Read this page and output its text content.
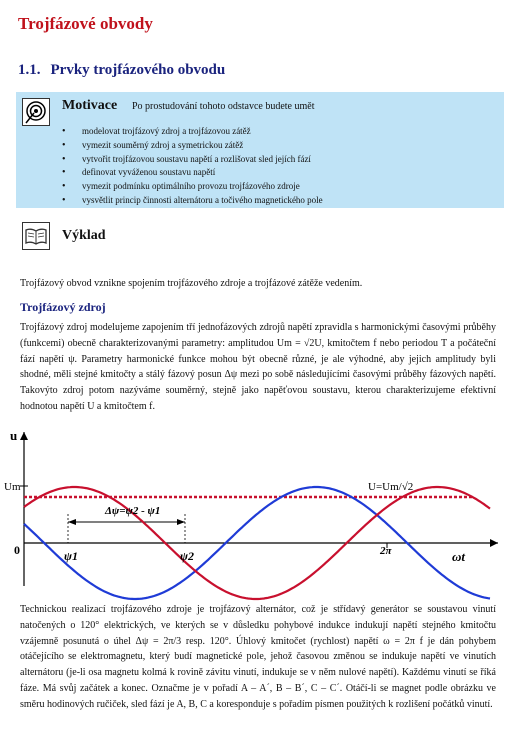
Trojfázové obvody
1.1. Prvky trojfázového obvodu
Motivace Po prostudování tohoto odstavce budete umět
• modelovat trojfázový zdroj a trojfázovou zátěž
• vymezit souměrný zdroj a symetrickou zátěž
• vytvořit trojfázovou soustavu napětí a rozlišovat sled jejích fází
• definovat vyváženou soustavu napětí
• vymezit podmínku optimálního provozu trojfázového zdroje
• vysvětlit princip činnosti alternátoru a točivého magnetického pole
Výklad
Trojfázový obvod vznikne spojením trojfázového zdroje a trojfázové zátěže vedením.
Trojfázový zdroj
Trojfázový zdroj modelujeme zapojením tří jednofázových zdrojů napětí zpravidla s harmonickými časovými průběhy (funkcemi) obecně charakterizovanými parametry: amplitudou Um = √2U, kmitočtem f nebo periodou T a počáteční fází napětí ψ. Parametry harmonické funkce mohou být obecně různé, je ale výhodné, aby jejich amplitudy byli shodné, měli stejné kmitočty a stálý fázový posun Δψ mezi po sobě následujícími časovými průběhy fázových napětí. Takovýto zdroj potom nazýváme souměrný, stejně jako napěťovou soustavu, kterou charakterizujeme efektivní hodnotou napětí U a kmitočtem f.
u
Um
0	ψ1	ψ2	2π	ωt
Δψ=ψ2 - ψ1
U=Um/√2
Technickou realizací trojfázového zdroje je trojfázový alternátor, což je střídavý generátor se soustavou vinutí natočených o 120° elektrických, ve kterých se v důsledku pohybové indukce indukují napětí stejného kmitočtu vzájemně posunutá o úhel Δψ = 2π/3 resp. 120°. Úhlový kmitočet (rychlost) napětí ω = 2π f je dán pohybem otáčejícího se elektromagnetu, který budí magnetické pole, jehož časovou změnou se indukuje napětí ve vinutích alternátoru (je-li osa magnetu kolmá k rovině závitu vinutí, indukuje se v něm nulové napětí). Každému vinutí se říká fáze. Má svůj začátek a konec. Označme je v pořadí A – A´, B – B´, C – C´. Otáčí-li se magnet podle obrázku ve směru hodinových ručiček, sled fází je A, B, C a koresponduje s pořadím písmen použitých k rozlišení počátků vinutí.
